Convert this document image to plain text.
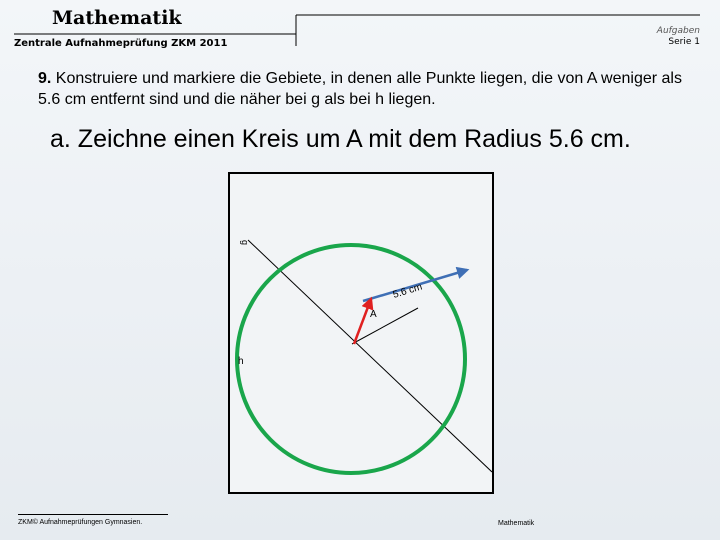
Mathematik
Zentrale Aufnahmeprüfung ZKM 2011
Aufgaben
Serie 1
9. Konstruiere und markiere die Gebiete, in denen alle Punkte liegen, die von A weniger als 5.6 cm entfernt sind und die näher bei g als bei h liegen.
a. Zeichne einen Kreis um A mit dem Radius 5.6 cm.
g
h
A
5.6 cm
ZKM© Aufnahmeprüfungen Gymnasien.	Mathematik
